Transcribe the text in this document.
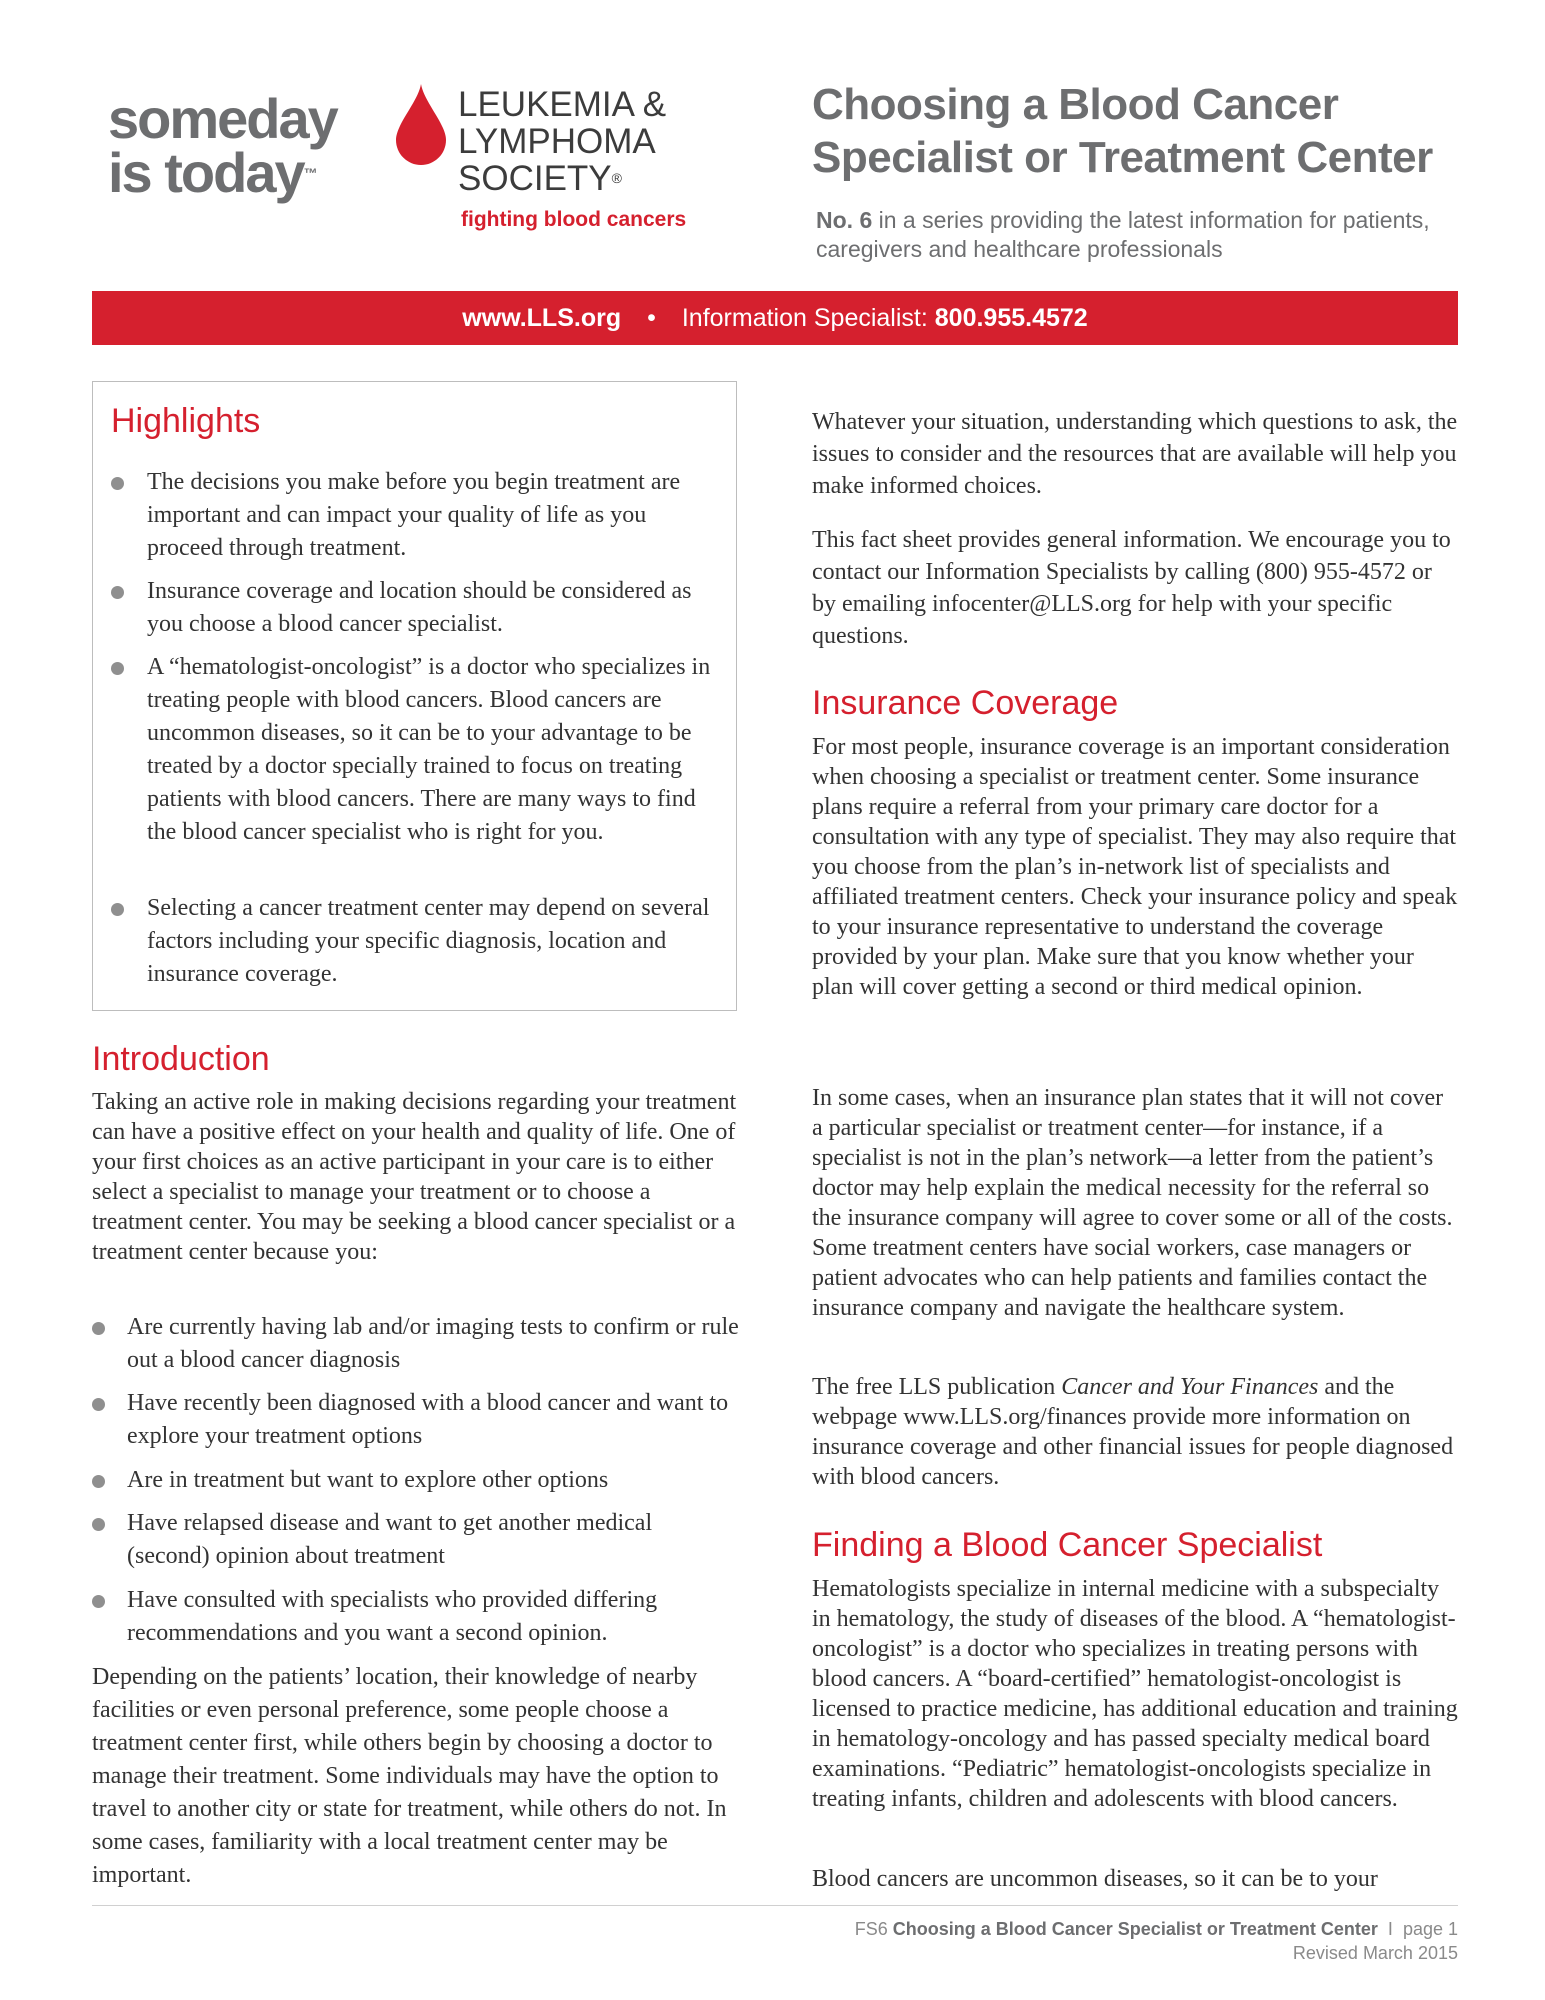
someday
is today™
LEUKEMIA &
LYMPHOMA
SOCIETY®
fighting blood cancers
Choosing a Blood Cancer
Specialist or Treatment Center
No. 6 in a series providing the latest information for patients, caregivers and healthcare professionals
www.LLS.org • Information Specialist: 800.955.4572
Highlights
The decisions you make before you begin treatment are important and can impact your quality of life as you proceed through treatment.
Insurance coverage and location should be considered as you choose a blood cancer specialist.
A “hematologist-oncologist” is a doctor who specializes in treating people with blood cancers. Blood cancers are uncommon diseases, so it can be to your advantage to be treated by a doctor specially trained to focus on treating patients with blood cancers. There are many ways to find the blood cancer specialist who is right for you.
Selecting a cancer treatment center may depend on several factors including your specific diagnosis, location and insurance coverage.
Introduction
Taking an active role in making decisions regarding your treatment can have a positive effect on your health and quality of life. One of your first choices as an active participant in your care is to either select a specialist to manage your treatment or to choose a treatment center. You may be seeking a blood cancer specialist or a treatment center because you:
Are currently having lab and/or imaging tests to confirm or rule out a blood cancer diagnosis
Have recently been diagnosed with a blood cancer and want to explore your treatment options
Are in treatment but want to explore other options
Have relapsed disease and want to get another medical (second) opinion about treatment
Have consulted with specialists who provided differing recommendations and you want a second opinion.
Depending on the patients’ location, their knowledge of nearby facilities or even personal preference, some people choose a treatment center first, while others begin by choosing a doctor to manage their treatment. Some individuals may have the option to travel to another city or state for treatment, while others do not. In some cases, familiarity with a local treatment center may be important.
Whatever your situation, understanding which questions to ask, the issues to consider and the resources that are available will help you make informed choices.
This fact sheet provides general information. We encourage you to contact our Information Specialists by calling (800) 955-4572 or by emailing infocenter@LLS.org for help with your specific questions.
Insurance Coverage
For most people, insurance coverage is an important consideration when choosing a specialist or treatment center. Some insurance plans require a referral from your primary care doctor for a consultation with any type of specialist. They may also require that you choose from the plan’s in-network list of specialists and affiliated treatment centers. Check your insurance policy and speak to your insurance representative to understand the coverage provided by your plan. Make sure that you know whether your plan will cover getting a second or third medical opinion.
In some cases, when an insurance plan states that it will not cover a particular specialist or treatment center—for instance, if a specialist is not in the plan’s network—a letter from the patient’s doctor may help explain the medical necessity for the referral so the insurance company will agree to cover some or all of the costs. Some treatment centers have social workers, case managers or patient advocates who can help patients and families contact the insurance company and navigate the healthcare system.
The free LLS publication Cancer and Your Finances and the webpage www.LLS.org/finances provide more information on insurance coverage and other financial issues for people diagnosed with blood cancers.
Finding a Blood Cancer Specialist
Hematologists specialize in internal medicine with a subspecialty in hematology, the study of diseases of the blood. A “hematologist-oncologist” is a doctor who specializes in treating persons with blood cancers. A “board-certified” hematologist-oncologist is licensed to practice medicine, has additional education and training in hematology-oncology and has passed specialty medical board examinations. “Pediatric” hematologist-oncologists specialize in treating infants, children and adolescents with blood cancers.
Blood cancers are uncommon diseases, so it can be to your
FS6 Choosing a Blood Cancer Specialist or Treatment Center I page 1
Revised March 2015
